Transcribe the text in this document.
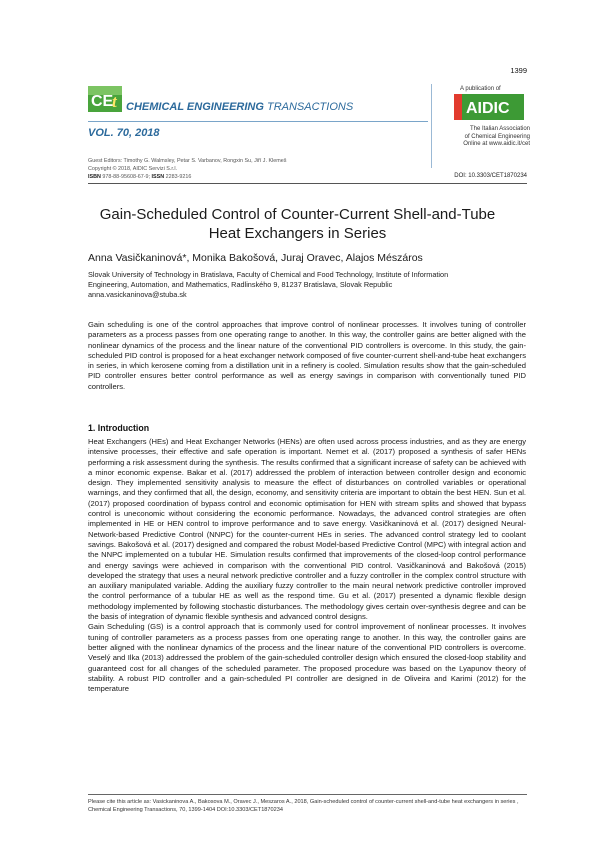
1399
CE
t CHEMICAL ENGINEERING TRANSACTIONS
VOL. 70, 2018
A publication of
AIDIC
The Italian Association
of Chemical Engineering
Online at www.aidic.it/cet
Guest Editors: Timothy G. Walmsley, Petar S. Varbanov, Rongxin Su, Jiří J. Klemeš
Copyright © 2018, AIDIC Servizi S.r.l.
ISBN 978-88-95608-67-9; ISSN 2283-9216	DOI: 10.3303/CET1870234
Gain-Scheduled Control of Counter-Current Shell-and-Tube
Heat Exchangers in Series
Anna Vasičkaninová*, Monika Bakošová, Juraj Oravec, Alajos Mészáros
Slovak University of Technology in Bratislava, Faculty of Chemical and Food Technology, Institute of Information
Engineering, Automation, and Mathematics, Radlinského 9, 81237 Bratislava, Slovak Republic
anna.vasickaninova@stuba.sk
Gain scheduling is one of the control approaches that improve control of nonlinear processes. It involves tuning of controller parameters as a process passes from one operating range to another. In this way, the controller gains are better aligned with the nonlinear dynamics of the process and the linear nature of the conventional PID controllers is overcome. In this study, the gain-scheduled PID control is proposed for a heat exchanger network composed of five counter-current shell-and-tube heat exchangers in series, in which kerosene coming from a distillation unit in a refinery is cooled. Simulation results show that the gain-scheduled PID controller ensures better control performance as well as energy savings in comparison with conventionally tuned PID controllers.
1. Introduction

Heat Exchangers (HEs) and Heat Exchanger Networks (HENs) are often used across process industries, and as they are energy intensive processes, their effective and safe operation is important. Nemet et al. (2017) proposed a synthesis of safer HENs performing a risk assessment during the synthesis. The results confirmed that a significant increase of safety can be achieved with a minor economic expense. Bakar et al. (2017) addressed the problem of interaction between controller design and economic design. They implemented sensitivity analysis to measure the effect of disturbances on controlled variables or operational warnings, and they confirmed that all, the design, economy, and sensitivity criteria are important to obtain the best HEN. Sun et al. (2017) proposed coordination of bypass control and economic optimisation for HEN with stream splits and showed that bypass control is uneconomic without considering the economic performance. Nowadays, the advanced control strategies are often implemented in HE or HEN control to improve performance and to save energy. Vasičkaninová et al. (2017) designed Neural-Network-based Predictive Control (NNPC) for the counter-current HEs in series. The advanced control strategy led to coolant savings. Bakošová et al. (2017) designed and compared the robust Model-based Predictive Control (MPC) with integral action and the NNPC implemented on a tubular HE. Simulation results confirmed that improvements of the closed-loop control performance and energy savings were achieved in comparison with the conventional PID control. Vasičkaninová and Bakošová (2015) developed the strategy that uses a neural network predictive controller and a fuzzy controller in the complex control structure with an auxiliary manipulated variable. Adding the auxiliary fuzzy controller to the main neural network predictive controller improved the control performance of a tubular HE as well as the respond time. Gu et al. (2017) presented a dynamic flexible design methodology implemented by following stochastic disturbances. The methodology gives certain over-synthesis degree and can be the basis of integration of dynamic flexible synthesis and advanced control designs.

Gain Scheduling (GS) is a control approach that is commonly used for control improvement of nonlinear processes. It involves tuning of controller parameters as a process passes from one operating range to another. In this way, the controller gains are better aligned with the nonlinear dynamics of the process and the linear nature of the conventional PID controllers is overcome. Veselý and Ilka (2013) addressed the problem of the gain-scheduled controller design which ensured the closed-loop stability and guaranteed cost for all changes of the scheduled parameter. The proposed procedure was based on the Lyapunov theory of stability. A robust PID controller and a gain-scheduled PI controller are designed in de Oliveira and Karimi (2012) for the temperature

Please cite this article as: Vasickaninova A., Bakosova M., Oravec J., Meszaros A., 2018, Gain-scheduled control of counter-current shell-and-tube heat exchangers in series , Chemical Engineering Transactions, 70, 1399-1404 DOI:10.3303/CET1870234
